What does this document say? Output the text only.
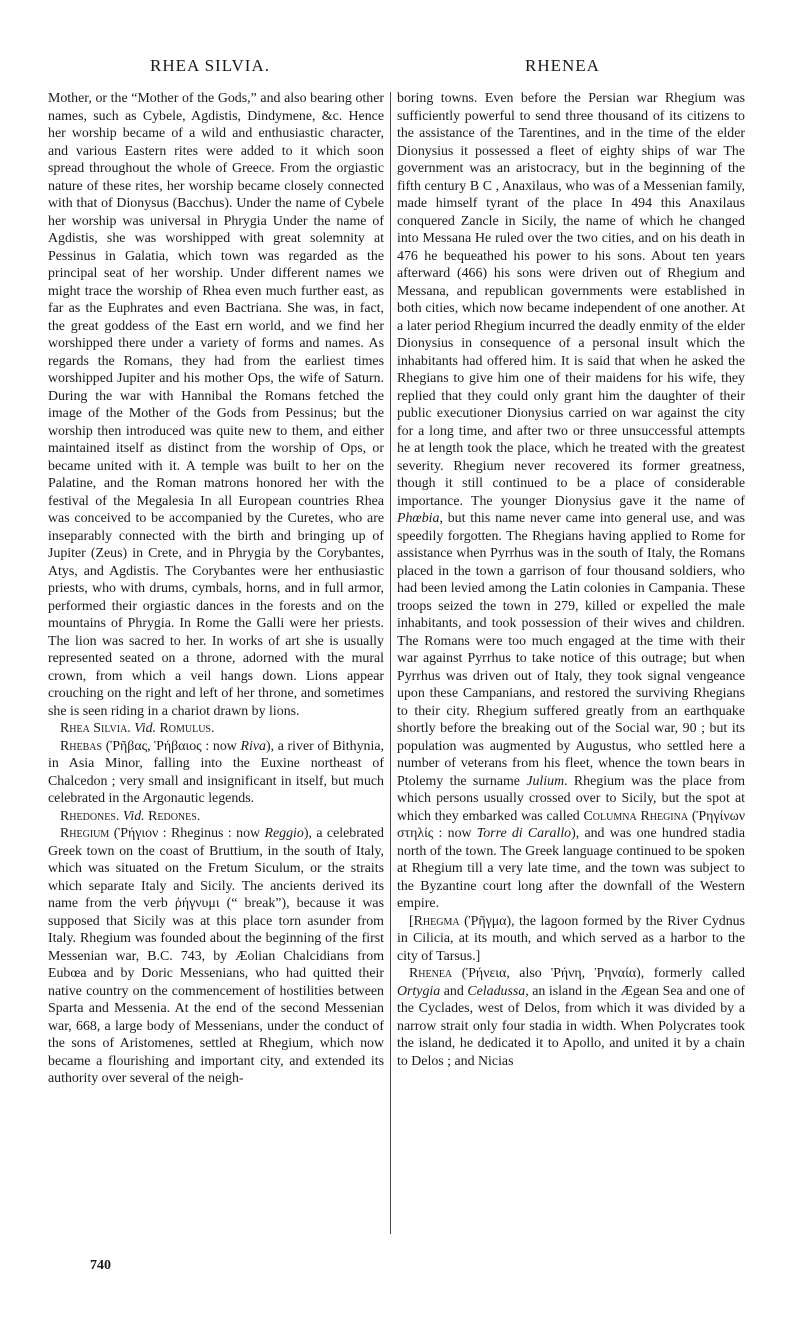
RHEA SILVIA.	RHENEA

Mother, or the “Mother of the Gods,” and also bearing other names, such as Cybele, Agdistis, Dindymene, &c. Hence her worship became of a wild and enthusiastic character, and various Eastern rites were added to it which soon spread throughout the whole of Greece. From the orgiastic nature of these rites, her worship became closely connected with that of Dionysus (Bacchus). Under the name of Cybele her worship was universal in Phrygia Under the name of Agdistis, she was worshipped with great solemnity at Pessinus in Galatia, which town was regarded as the principal seat of her worship. Under different names we might trace the worship of Rhea even much further east, as far as the Euphrates and even Bactriana. She was, in fact, the great goddess of the East ern world, and we find her worshipped there under a variety of forms and names. As regards the Romans, they had from the earliest times worshipped Jupiter and his mother Ops, the wife of Saturn. During the war with Hannibal the Romans fetched the image of the Mother of the Gods from Pessinus; but the worship then introduced was quite new to them, and either maintained itself as distinct from the worship of Ops, or became united with it. A temple was built to her on the Palatine, and the Roman matrons honored her with the festival of the Megalesia In all European countries Rhea was conceived to be accompanied by the Curetes, who are inseparably connected with the birth and bringing up of Jupiter (Zeus) in Crete, and in Phrygia by the Corybantes, Atys, and Agdistis. The Corybantes were her enthusiastic priests, who with drums, cymbals, horns, and in full armor, performed their orgiastic dances in the forests and on the mountains of Phrygia. In Rome the Galli were her priests. The lion was sacred to her. In works of art she is usually represented seated on a throne, adorned with the mural crown, from which a veil hangs down. Lions appear crouching on the right and left of her throne, and sometimes she is seen riding in a chariot drawn by lions.

Rhea Silvia. Vid. Romulus.

Rhebas (Ῥῆβας, Ῥήβαιος : now Riva), a river of Bithynia, in Asia Minor, falling into the Euxine northeast of Chalcedon ; very small and insignificant in itself, but much celebrated in the Argonautic legends.

Rhedones. Vid. Redones.

Rhegium (Ῥήγιον : Rheginus : now Reggio), a celebrated Greek town on the coast of Bruttium, in the south of Italy, which was situated on the Fretum Siculum, or the straits which separate Italy and Sicily. The ancients derived its name from the verb ῥήγνυμι (“ break”), because it was supposed that Sicily was at this place torn asunder from Italy. Rhegium was founded about the beginning of the first Messenian war, B.C. 743, by Æolian Chalcidians from Eubœa and by Doric Messenians, who had quitted their native country on the commencement of hostilities between Sparta and Messenia. At the end of the second Messenian war, 668, a large body of Messenians, under the conduct of the sons of Aristomenes, settled at Rhegium, which now became a flourishing and important city, and extended its authority over several of the neigh-

boring towns. Even before the Persian war Rhegium was sufficiently powerful to send three thousand of its citizens to the assistance of the Tarentines, and in the time of the elder Dionysius it possessed a fleet of eighty ships of war The government was an aristocracy, but in the beginning of the fifth century B C , Anaxilaus, who was of a Messenian family, made himself tyrant of the place In 494 this Anaxilaus conquered Zancle in Sicily, the name of which he changed into Messana He ruled over the two cities, and on his death in 476 he bequeathed his power to his sons. About ten years afterward (466) his sons were driven out of Rhegium and Messana, and republican governments were established in both cities, which now became independent of one another. At a later period Rhegium incurred the deadly enmity of the elder Dionysius in consequence of a personal insult which the inhabitants had offered him. It is said that when he asked the Rhegians to give him one of their maidens for his wife, they replied that they could only grant him the daughter of their public executioner Dionysius carried on war against the city for a long time, and after two or three unsuccessful attempts he at length took the place, which he treated with the greatest severity. Rhegium never recovered its former greatness, though it still continued to be a place of considerable importance. The younger Dionysius gave it the name of Phœbia, but this name never came into general use, and was speedily forgotten. The Rhegians having applied to Rome for assistance when Pyrrhus was in the south of Italy, the Romans placed in the town a garrison of four thousand soldiers, who had been levied among the Latin colonies in Campania. These troops seized the town in 279, killed or expelled the male inhabitants, and took possession of their wives and children. The Romans were too much engaged at the time with their war against Pyrrhus to take notice of this outrage; but when Pyrrhus was driven out of Italy, they took signal vengeance upon these Campanians, and restored the surviving Rhegians to their city. Rhegium suffered greatly from an earthquake shortly before the breaking out of the Social war, 90 ; but its population was augmented by Augustus, who settled here a number of veterans from his fleet, whence the town bears in Ptolemy the surname Julium. Rhegium was the place from which persons usually crossed over to Sicily, but the spot at which they embarked was called Columna Rhegina (Ῥηγίνων στηλίς : now Torre di Carallo), and was one hundred stadia north of the town. The Greek language continued to be spoken at Rhegium till a very late time, and the town was subject to the Byzantine court long after the downfall of the Western empire.

[Rhegma (Ῥῆγμα), the lagoon formed by the River Cydnus in Cilicia, at its mouth, and which served as a harbor to the city of Tarsus.]

Rhenea (Ῥήνεια, also Ῥήνη, Ῥηναία), formerly called Ortygia and Celadussa, an island in the Ægean Sea and one of the Cyclades, west of Delos, from which it was divided by a narrow strait only four stadia in width. When Polycrates took the island, he dedicated it to Apollo, and united it by a chain to Delos ; and Nicias

740
